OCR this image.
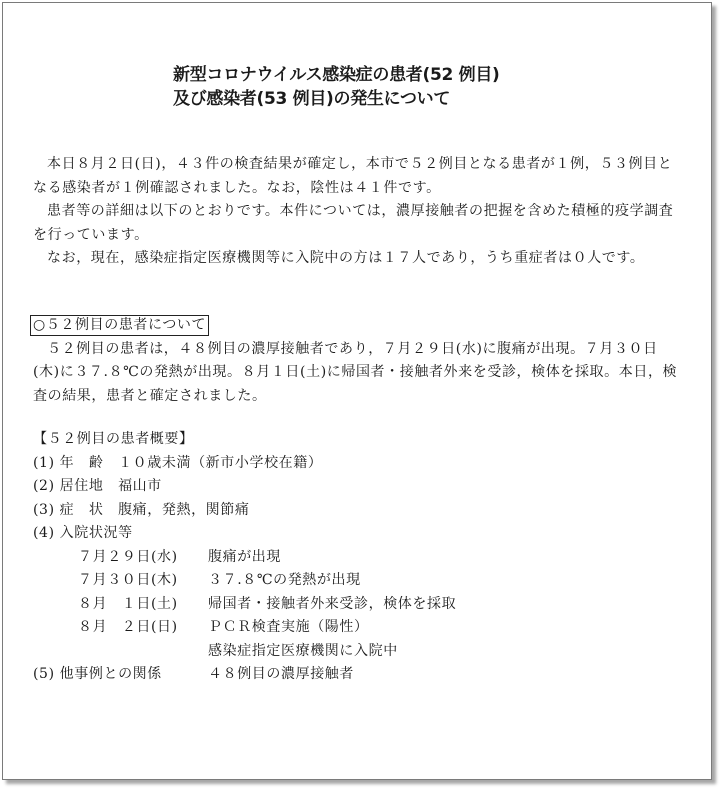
新型コロナウイルス感染症の患者(52 例目)
及び感染者(53 例目)の発生について

本日８月２日(日)，４３件の検査結果が確定し，本市で５２例目となる患者が１例，５３例目となる感染者が１例確認されました。なお，陰性は４１件です。

患者等の詳細は以下のとおりです。本件については，濃厚接触者の把握を含めた積極的疫学調査を行っています。

なお，現在，感染症指定医療機関等に入院中の方は１７人であり，うち重症者は０人です。

○５２例目の患者について

５２例目の患者は，４８例目の濃厚接触者であり，７月２９日(水)に腹痛が出現。７月３０日(木)に３７.８℃の発熱が出現。８月１日(土)に帰国者・接触者外来を受診，検体を採取。本日，検査の結果，患者と確定されました。

【５２例目の患者概要】
(1) 年　齢　１０歳未満（新市小学校在籍）
(2) 居住地　福山市
(3) 症　状　腹痛，発熱，関節痛
(4) 入院状況等
７月２９日(水)	腹痛が出現
７月３０日(木)	３７.８℃の発熱が出現
８月　１日(土)	帰国者・接触者外来受診，検体を採取
８月　２日(日)	ＰＣＲ検査実施（陽性）
感染症指定医療機関に入院中
(5) 他事例との関係	４８例目の濃厚接触者
